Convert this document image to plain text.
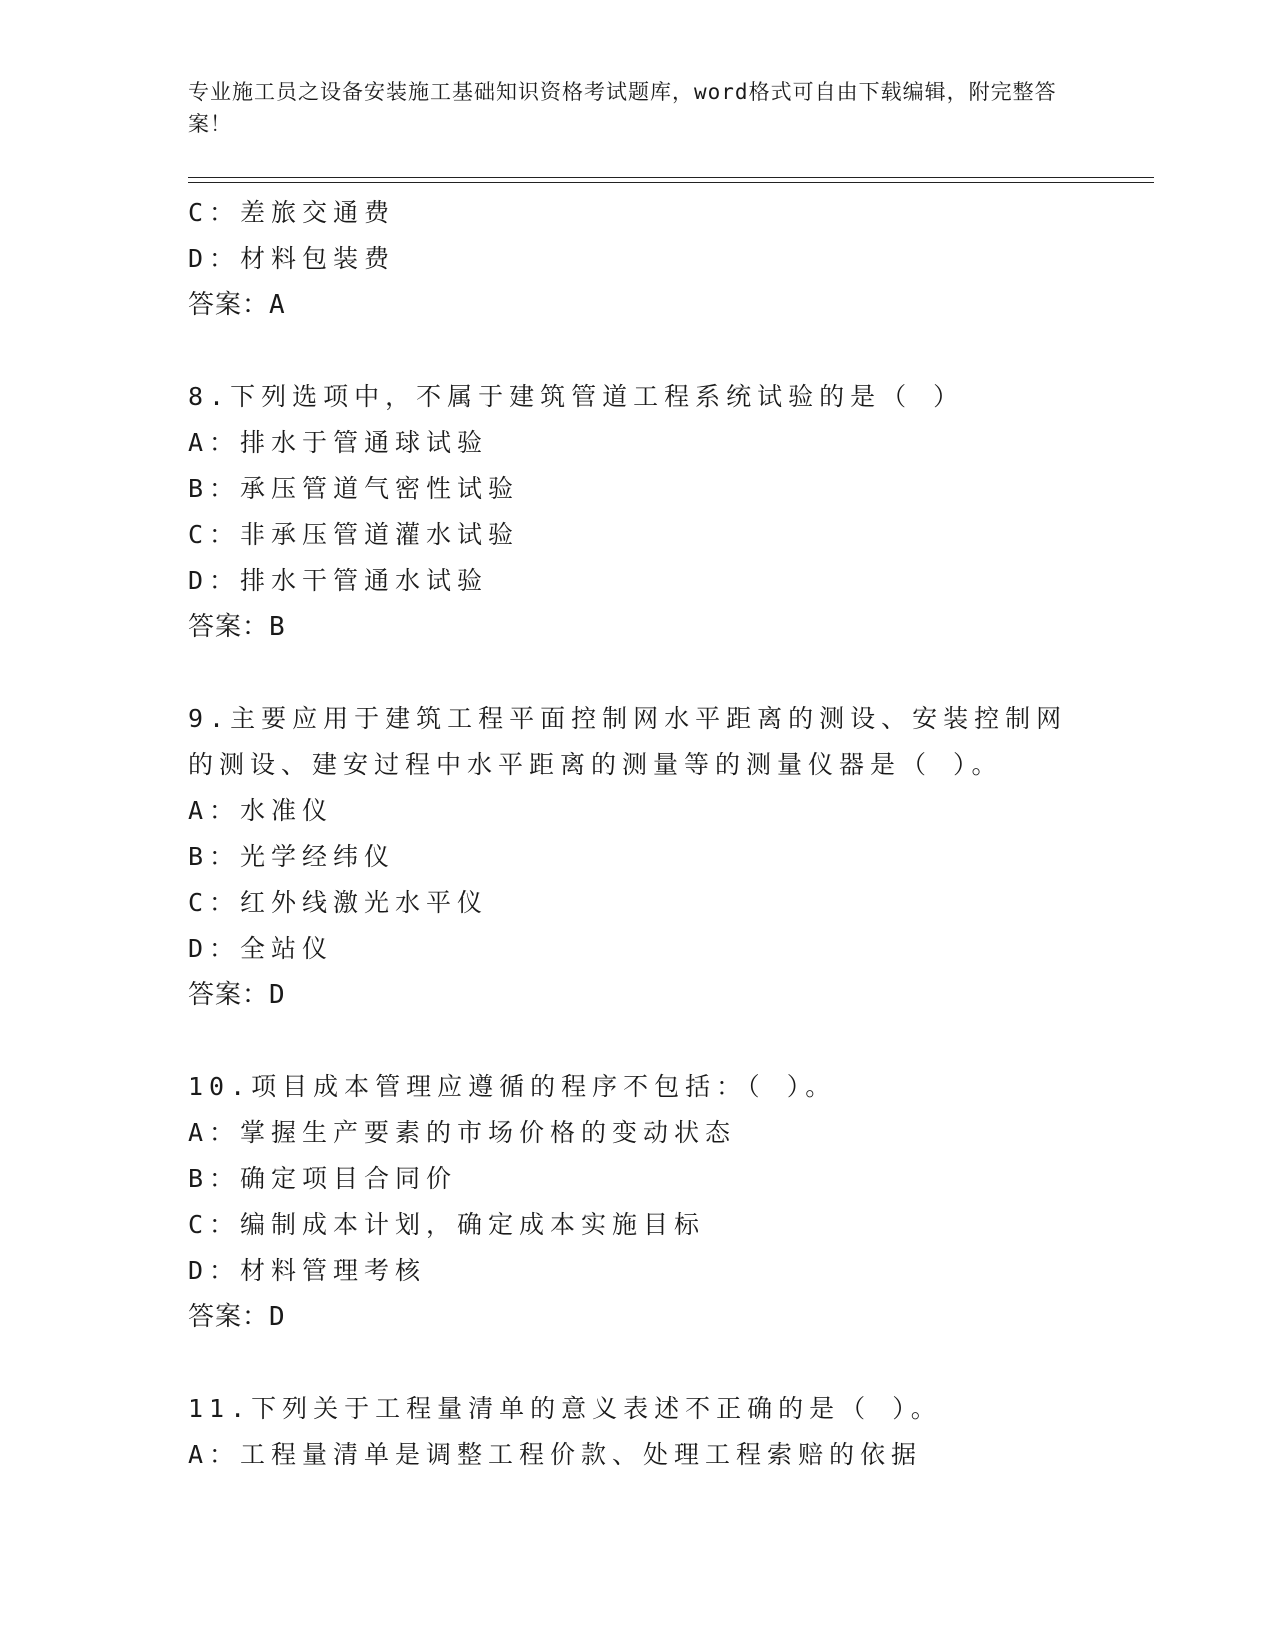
专业施工员之设备安装施工基础知识资格考试题库，word格式可自由下载编辑，附完整答案！
C：差旅交通费
D：材料包装费
答案：A
8.下列选项中，不属于建筑管道工程系统试验的是（ ）
A：排水于管通球试验
B：承压管道气密性试验
C：非承压管道灌水试验
D：排水干管通水试验
答案：B
9.主要应用于建筑工程平面控制网水平距离的测设、安装控制网的测设、建安过程中水平距离的测量等的测量仪器是（ ）。
A：水准仪
B：光学经纬仪
C：红外线激光水平仪
D：全站仪
答案：D
10.项目成本管理应遵循的程序不包括：（ ）。
A：掌握生产要素的市场价格的变动状态
B：确定项目合同价
C：编制成本计划，确定成本实施目标
D：材料管理考核
答案：D
11.下列关于工程量清单的意义表述不正确的是（ ）。
A：工程量清单是调整工程价款、处理工程索赔的依据
